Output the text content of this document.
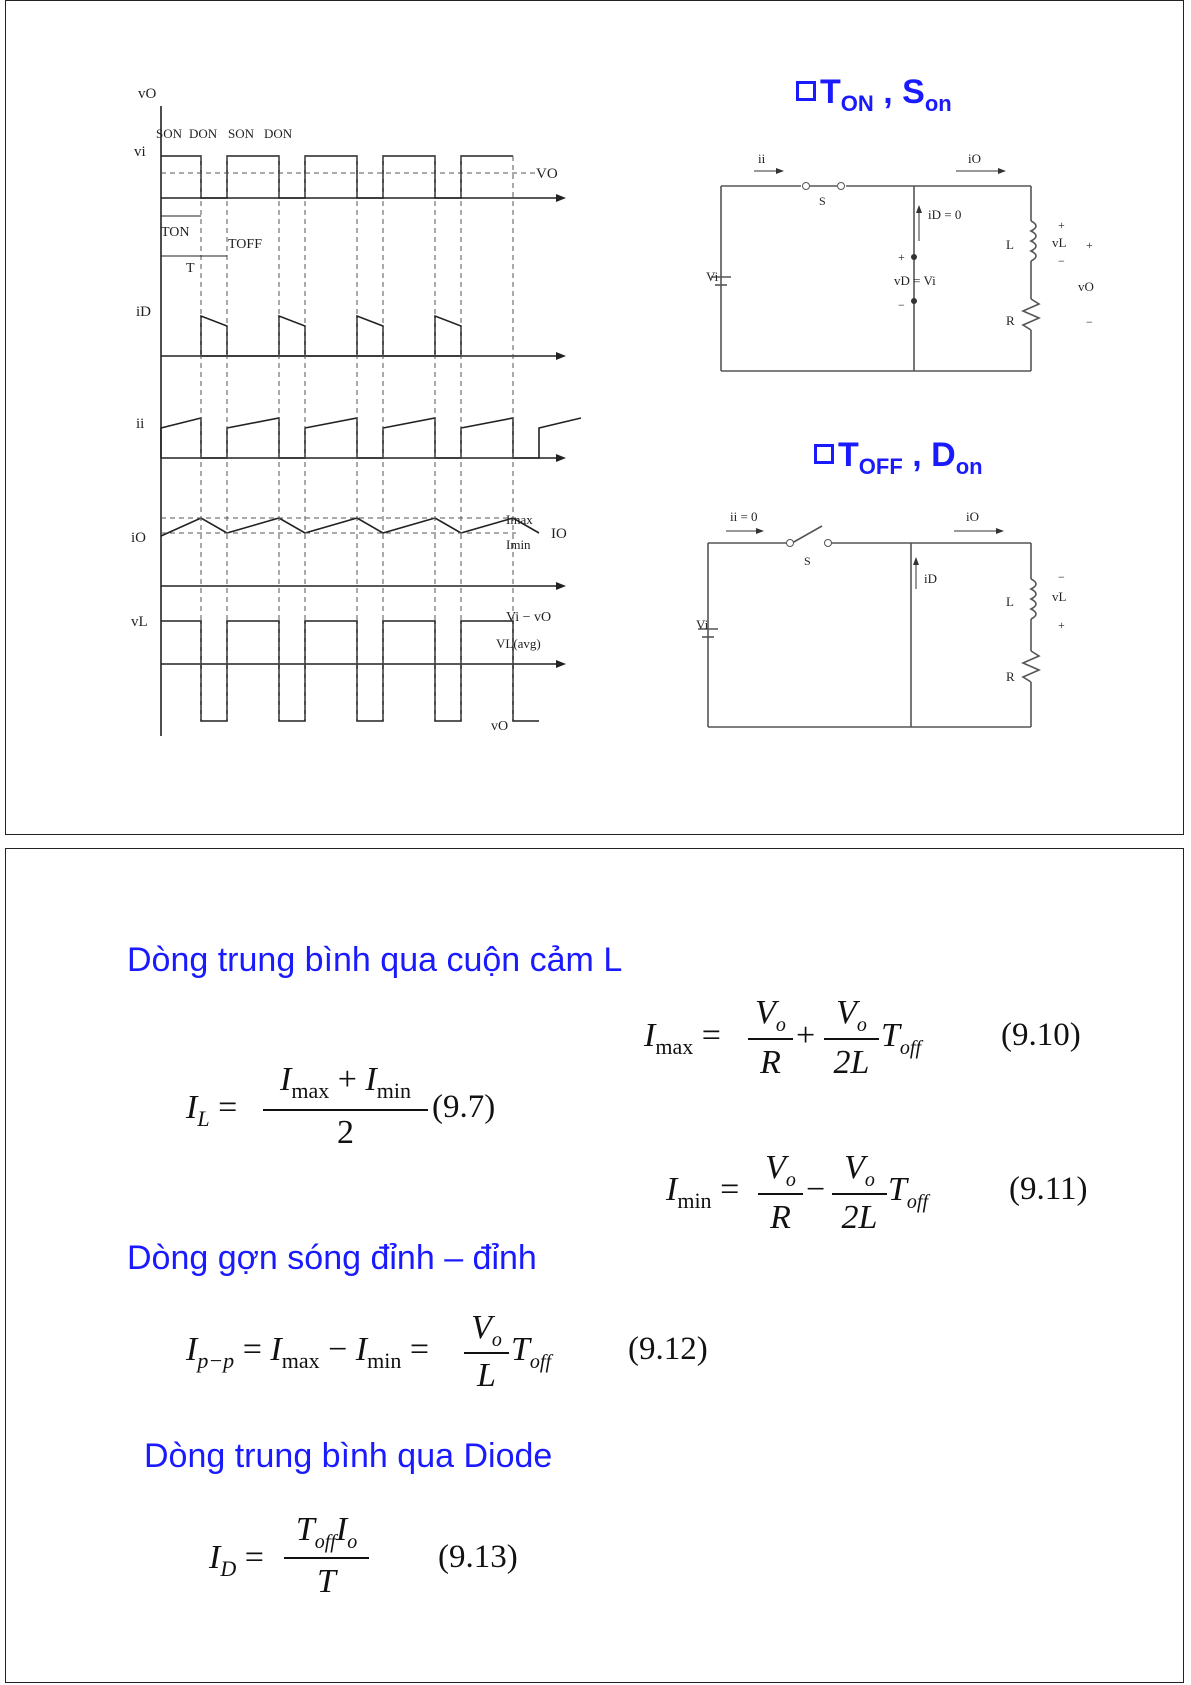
vO
vi
SON DON SON DON
VO
TON
TOFF
T
iD
ii
iO
Imax
Imin
IO
vL	Vi − vO
VL(avg)
vO
$T_{ON}$ , $S_{on}$
ii	iO
S
iD = 0
+
vD = Vi
−
Vi
L
R
+
vL
−
+
vO
−
$T_{OFF}$ , $D_{on}$
ii = 0	iO
S
iD
Vi
L
R
−
vL
+
Dòng trung bình qua cuộn cảm L
$I_{max}$ =
$V_o$
R
+
$V_o$
2L
$T_{off}$ (9.10)
$I_L$ =
$I_{max} + I_{min}$
2
(9.7)
$I_{min}$ =
$V_o$
R
−
$V_o$
2L
$T_{off}$ (9.11)
Dòng gợn sóng đỉnh – đỉnh
$I_{p-p} = I_{max} - I_{min}$ =
$V_o$
L
$T_{off}$ (9.12)
Dòng trung bình qua Diode
$I_D$ =
$T_{off}I_o$
T
(9.13)
